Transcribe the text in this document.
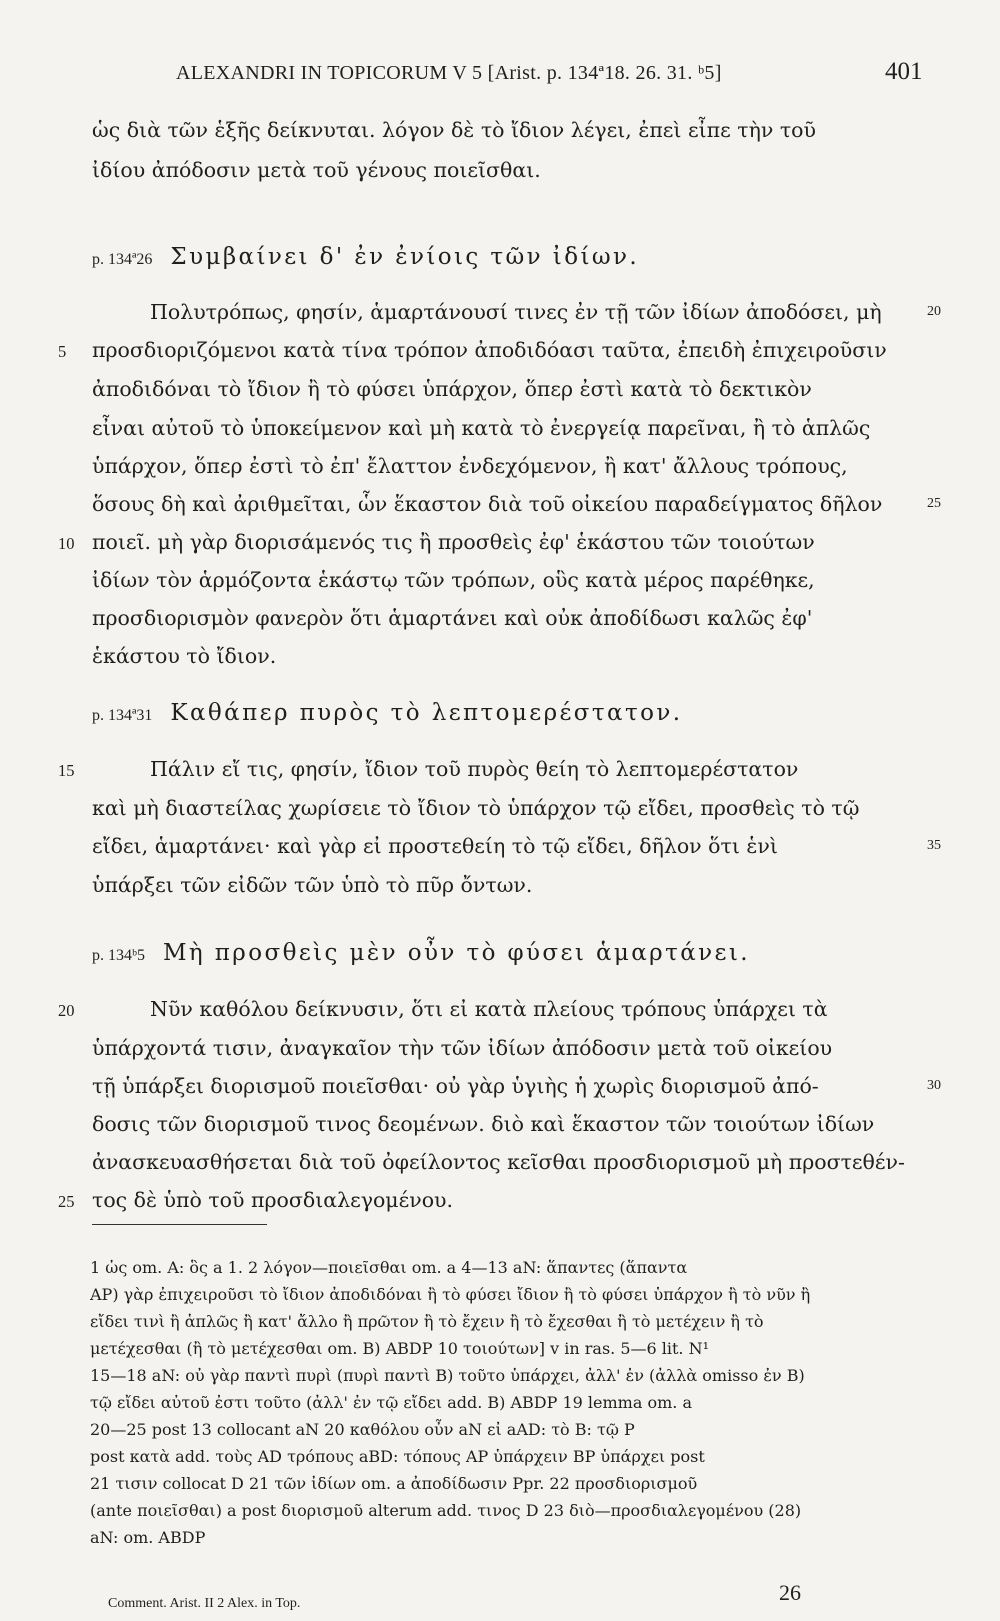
ALEXANDRI IN TOPICORUM V 5 [Arist. p. 134ª18. 26. 31. ᵇ5]	401
ὡς διὰ τῶν ἑξῆς δείκνυται. λόγον δὲ τὸ ἴδιον λέγει, ἐπεὶ εἶπε τὴν τοῦ
ἰδίου ἀπόδοσιν μετὰ τοῦ γένους ποιεῖσθαι.
p. 134ª26 Συμβαίνει δ' ἐν ἐνίοις τῶν ἰδίων.
Πολυτρόπως, φησίν, ἁμαρτάνουσί τινες ἐν τῇ τῶν ἰδίων ἀποδόσει, μὴ
προσδιοριζόμενοι κατὰ τίνα τρόπον ἀποδιδόασι ταῦτα, ἐπειδὴ ἐπιχειροῦσιν
ἀποδιδόναι τὸ ἴδιον ἢ τὸ φύσει ὑπάρχον, ὅπερ ἐστὶ κατὰ τὸ δεκτικὸν
εἶναι αὐτοῦ τὸ ὑποκείμενον καὶ μὴ κατὰ τὸ ἐνεργείᾳ παρεῖναι, ἢ τὸ ἁπλῶς
ὑπάρχον, ὅπερ ἐστὶ τὸ ἐπ' ἔλαττον ἐνδεχόμενον, ἢ κατ' ἄλλους τρόπους,
ὅσους δὴ καὶ ἀριθμεῖται, ὧν ἕκαστον διὰ τοῦ οἰκείου παραδείγματος δῆλον
ποιεῖ. μὴ γὰρ διορισάμενός τις ἢ προσθεὶς ἐφ' ἑκάστου τῶν τοιούτων
ἰδίων τὸν ἁρμόζοντα ἑκάστῳ τῶν τρόπων, οὓς κατὰ μέρος παρέθηκε,
προσδιορισμὸν φανερὸν ὅτι ἁμαρτάνει καὶ οὐκ ἀποδίδωσι καλῶς ἐφ'
ἑκάστου τὸ ἴδιον.
p. 134ª31 Καθάπερ πυρὸς τὸ λεπτομερέστατον.
Πάλιν εἴ τις, φησίν, ἴδιον τοῦ πυρὸς θείη τὸ λεπτομερέστατον
καὶ μὴ διαστείλας χωρίσειε τὸ ἴδιον τὸ ὑπάρχον τῷ εἴδει, προσθεὶς τὸ τῷ
εἴδει, ἁμαρτάνει· καὶ γὰρ εἰ προστεθείη τὸ τῷ εἴδει, δῆλον ὅτι ἑνὶ
ὑπάρξει τῶν εἰδῶν τῶν ὑπὸ τὸ πῦρ ὄντων.
p. 134ᵇ5 Μὴ προσθεὶς μὲν οὖν τὸ φύσει ἁμαρτάνει.
Νῦν καθόλου δείκνυσιν, ὅτι εἰ κατὰ πλείους τρόπους ὑπάρχει τὰ
ὑπάρχοντά τισιν, ἀναγκαῖον τὴν τῶν ἰδίων ἀπόδοσιν μετὰ τοῦ οἰκείου
τῇ ὑπάρξει διορισμοῦ ποιεῖσθαι· οὐ γὰρ ὑγιὴς ἡ χωρὶς διορισμοῦ ἀπό-
δοσις τῶν διορισμοῦ τινος δεομένων. διὸ καὶ ἕκαστον τῶν τοιούτων ἰδίων
ἀνασκευασθήσεται διὰ τοῦ ὀφείλοντος κεῖσθαι προσδιορισμοῦ μὴ προστεθέν-
τος δὲ ὑπὸ τοῦ προσδιαλεγομένου.
5
10
15
20
25
20
25
35
30
1 ὡς om. A: ὃς a 1. 2 λόγον—ποιεῖσθαι om. a 4—13 aN: ἅπαντες (ἅπαντα
AP) γὰρ ἐπιχειροῦσι τὸ ἴδιον ἀποδιδόναι ἢ τὸ φύσει ἴδιον ἢ τὸ φύσει ὑπάρχον ἢ τὸ νῦν ἢ
εἴδει τινὶ ἢ ἁπλῶς ἢ κατ' ἄλλο ἢ πρῶτον ἢ τὸ ἔχειν ἢ τὸ ἔχεσθαι ἢ τὸ μετέχειν ἢ τὸ
μετέχεσθαι (ἢ τὸ μετέχεσθαι om. B) ABDP 10 τοιούτων] v in ras. 5—6 lit. N¹
15—18 aN: οὐ γὰρ παντὶ πυρὶ (πυρὶ παντὶ B) τοῦτο ὑπάρχει, ἀλλ' ἐν (ἀλλὰ omisso ἐν B)
τῷ εἴδει αὐτοῦ ἐστι τοῦτο (ἀλλ' ἐν τῷ εἴδει add. B) ABDP 19 lemma om. a
20—25 post 13 collocant aN 20 καθόλου οὖν aN εἰ aAD: τὸ B: τῷ P
post κατὰ add. τοὺς AD τρόπους aBD: τόπους AP ὑπάρχειν BP ὑπάρχει post
21 τισιν collocat D 21 τῶν ἰδίων om. a ἀποδίδωσιν Ppr. 22 προσδιορισμοῦ
(ante ποιεῖσθαι) a post διορισμοῦ alterum add. τινος D 23 διὸ—προσδιαλεγομένου (28)
aN: om. ABDP
Comment. Arist. II 2 Alex. in Top.	26
